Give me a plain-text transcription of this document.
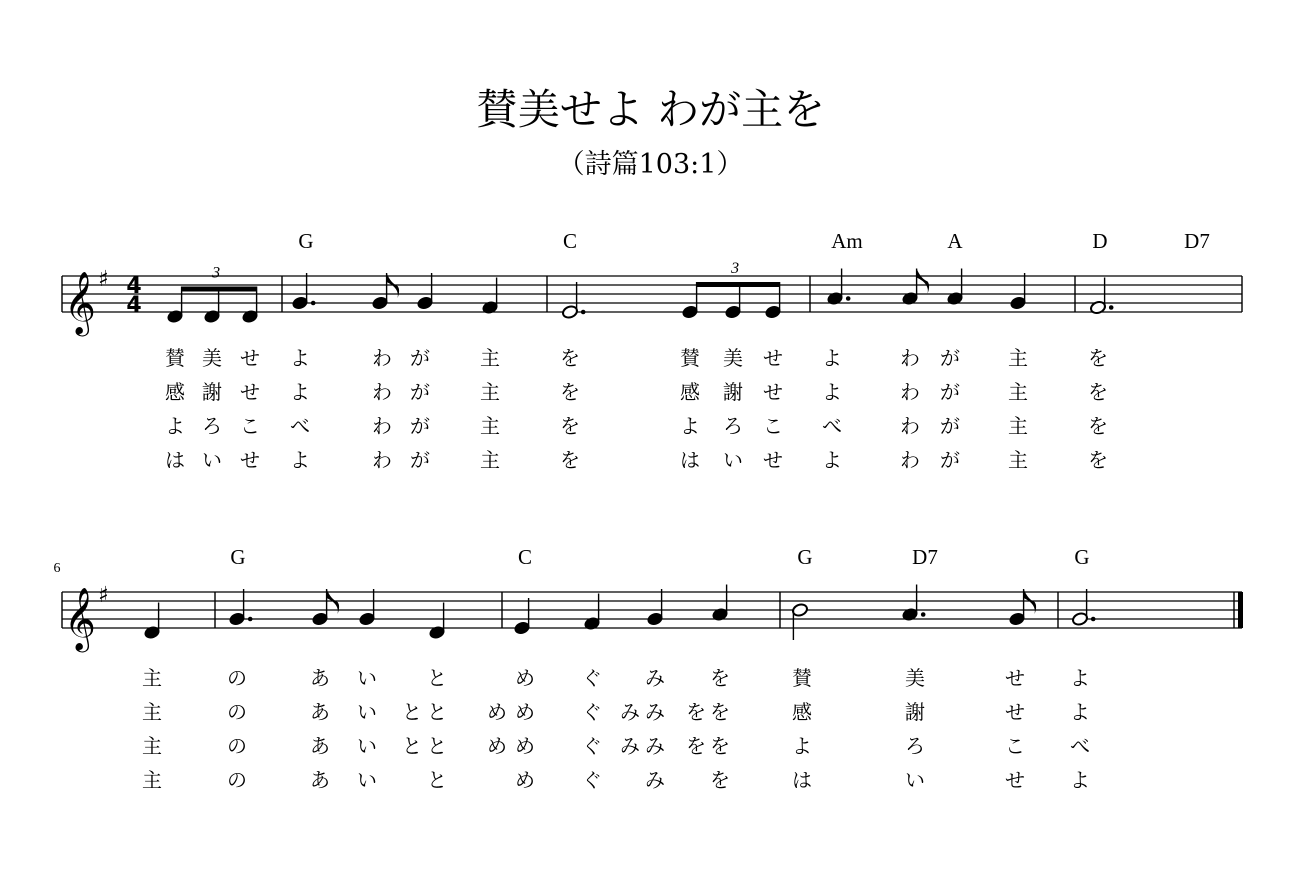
賛美せよ わが主を
（詩篇103:1）
𝄞 ♯ 4
4
𝄞 ♯
3	3
G	C	Am	A	D	D7
G	C	G	D7	G
6
賛 美 せ よ	わ が	主	を	賛 美 せ よ	わ が 主	を
感 謝 せ よ	わ が	主	を	感 謝 せ よ	わ が 主	を
よ ろ こ べ	わ が	主	を	よ ろ こ べ	わ が 主	を
は い せ よ	わ が	主	を	は い せ よ	わ が 主	を
主	の	あ い	と	め ぐ み を	賛	美	せ よ
主	の	あ い と と め め ぐ み み を を	感	謝	せ よ
主	の	あ い と と め め ぐ み み を を	よ	ろ	こ べ
主	の	あ い	と	め ぐ み を	は	い	せ よ
